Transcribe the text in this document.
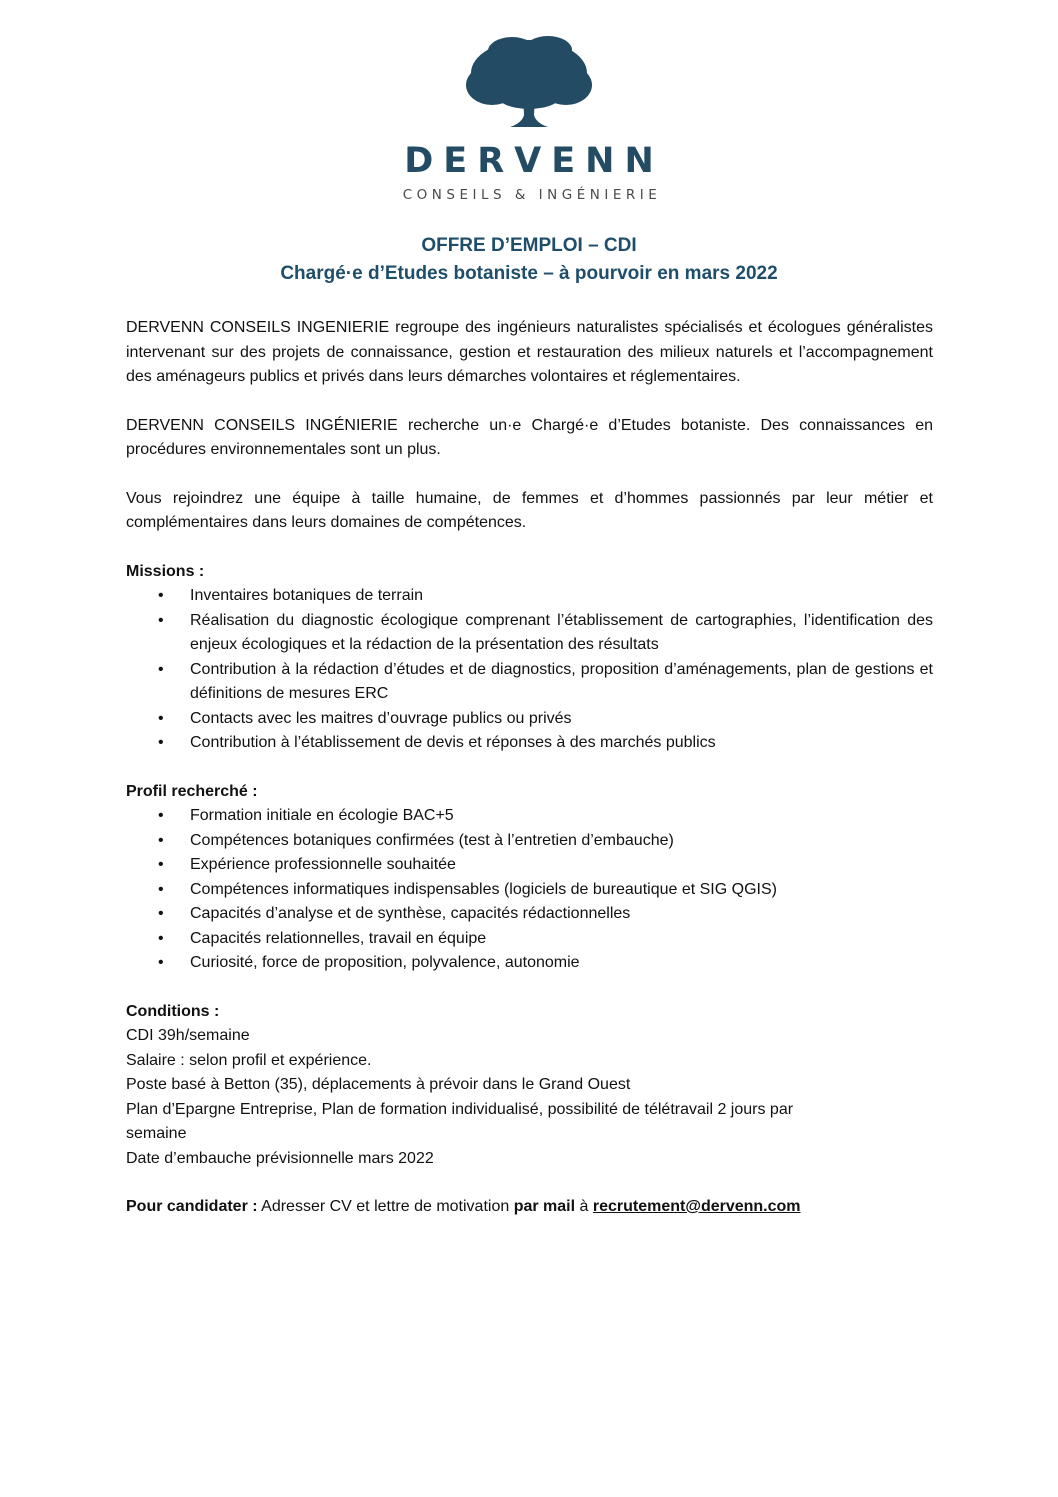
DERVENN
CONSEILS & INGÉNIERIE
OFFRE D’EMPLOI – CDI
Chargé·e d’Etudes botaniste – à pourvoir en mars 2022

DERVENN CONSEILS INGENIERIE regroupe des ingénieurs naturalistes spécialisés et écologues généralistes intervenant sur des projets de connaissance, gestion et restauration des milieux naturels et l’accompagnement des aménageurs publics et privés dans leurs démarches volontaires et réglementaires.

DERVENN CONSEILS INGÉNIERIE recherche un·e Chargé·e d’Etudes botaniste. Des connaissances en procédures environnementales sont un plus.

Vous rejoindrez une équipe à taille humaine, de femmes et d’hommes passionnés par leur métier et complémentaires dans leurs domaines de compétences.

Missions :

• Inventaires botaniques de terrain
• Réalisation du diagnostic écologique comprenant l’établissement de cartographies, l’identification des enjeux écologiques et la rédaction de la présentation des résultats
• Contribution à la rédaction d’études et de diagnostics, proposition d’aménagements, plan de gestions et définitions de mesures ERC
• Contacts avec les maitres d’ouvrage publics ou privés
• Contribution à l’établissement de devis et réponses à des marchés publics

Profil recherché :

• Formation initiale en écologie BAC+5
• Compétences botaniques confirmées (test à l’entretien d’embauche)
• Expérience professionnelle souhaitée
• Compétences informatiques indispensables (logiciels de bureautique et SIG QGIS)
• Capacités d’analyse et de synthèse, capacités rédactionnelles
• Capacités relationnelles, travail en équipe
• Curiosité, force de proposition, polyvalence, autonomie

Conditions :

CDI 39h/semaine

Salaire : selon profil et expérience.

Poste basé à Betton (35), déplacements à prévoir dans le Grand Ouest

Plan d’Epargne Entreprise, Plan de formation individualisé, possibilité de télétravail 2 jours par

semaine

Date d’embauche prévisionnelle mars 2022

Pour candidater : Adresser CV et lettre de motivation par mail à recrutement@dervenn.com
